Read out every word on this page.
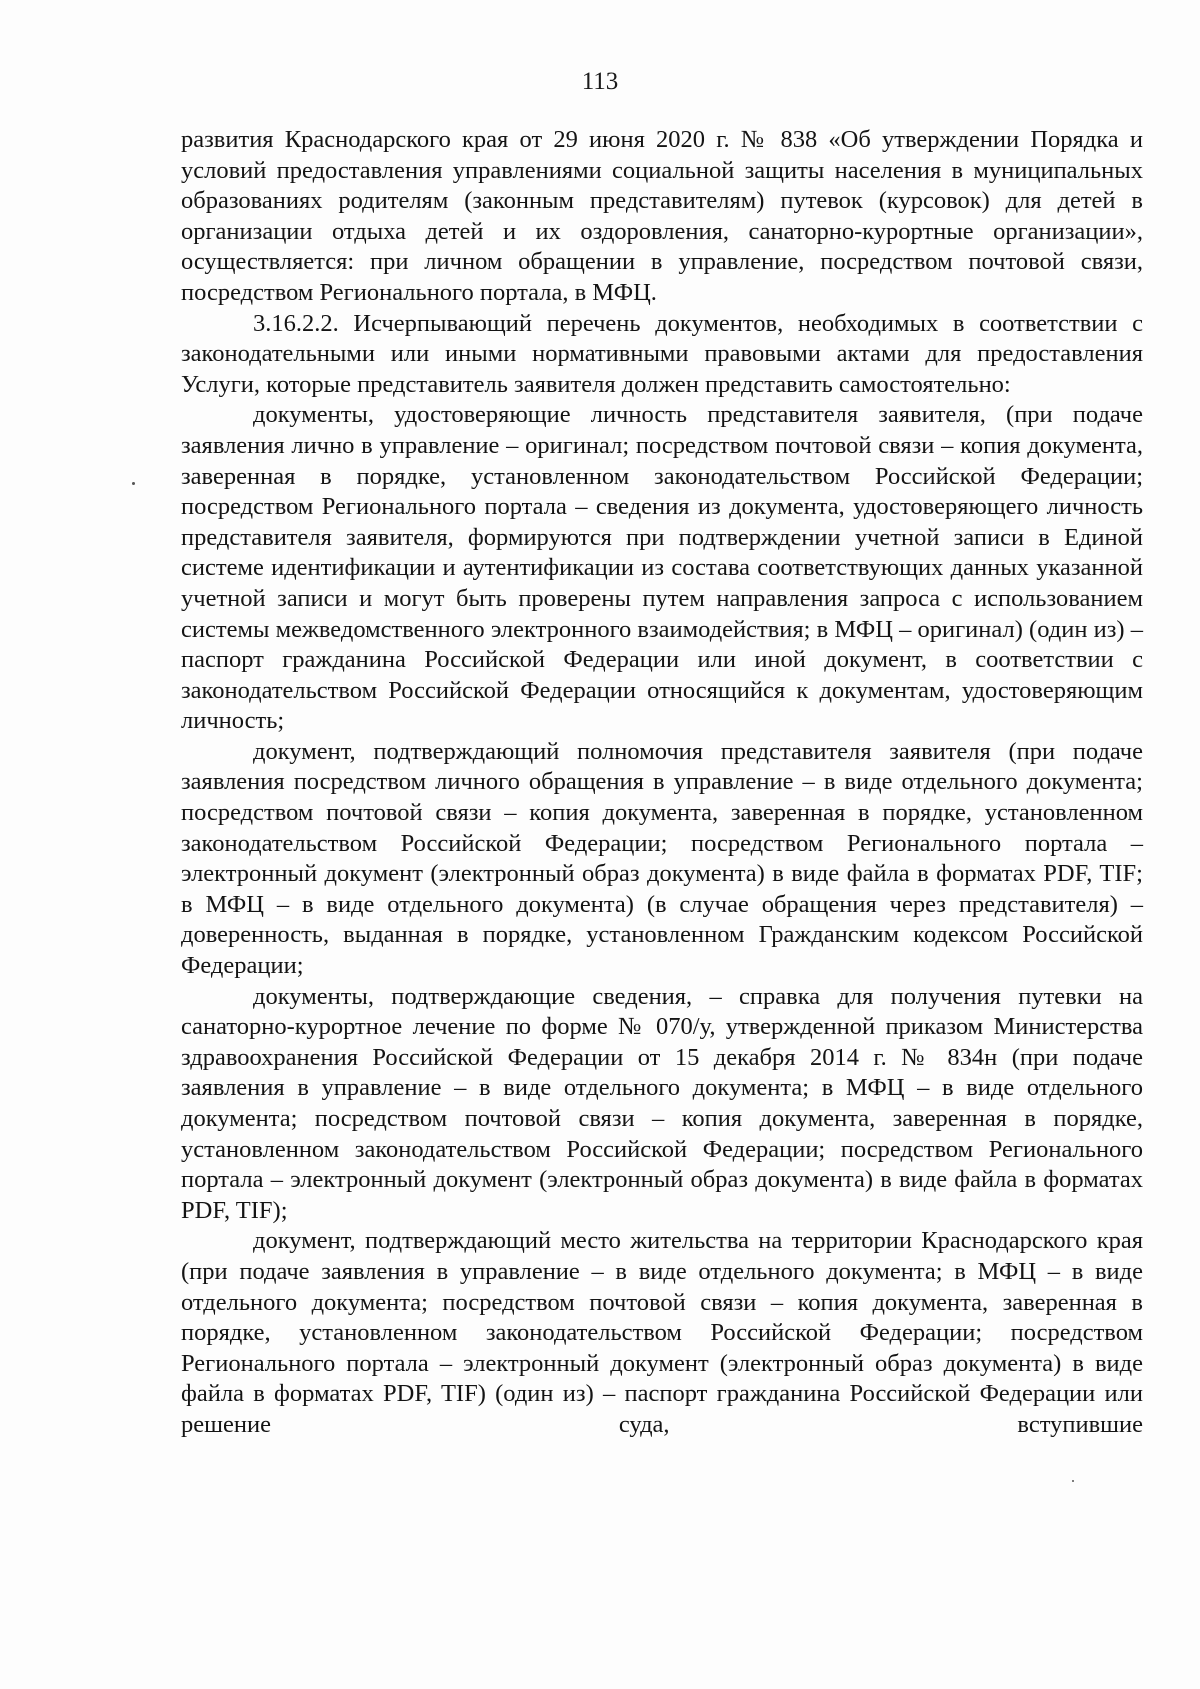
113

развития Краснодарского края от 29 июня 2020 г. № 838 «Об утверждении Порядка и условий предоставления управлениями социальной защиты населения в муниципальных образованиях родителям (законным представителям) путевок (курсовок) для детей в организации отдыха детей и их оздоровления, санаторно-курортные организации», осуществляется: при личном обращении в управление, посредством почтовой связи, посредством Регионального портала, в МФЦ.

3.16.2.2. Исчерпывающий перечень документов, необходимых в соответствии с законодательными или иными нормативными правовыми актами для предоставления Услуги, которые представитель заявителя должен представить самостоятельно:

документы, удостоверяющие личность представителя заявителя, (при подаче заявления лично в управление – оригинал; посредством почтовой связи – копия документа, заверенная в порядке, установленном законодательством Российской Федерации; посредством Регионального портала – сведения из документа, удостоверяющего личность представителя заявителя, формируются при подтверждении учетной записи в Единой системе идентификации и аутентификации из состава соответствующих данных указанной учетной записи и могут быть проверены путем направления запроса с использованием системы межведомственного электронного взаимодействия; в МФЦ – оригинал) (один из) – паспорт гражданина Российской Федерации или иной документ, в соответствии с законодательством Российской Федерации относящийся к документам, удостоверяющим личность;

документ, подтверждающий полномочия представителя заявителя (при подаче заявления посредством личного обращения в управление – в виде отдельного документа; посредством почтовой связи – копия документа, заверенная в порядке, установленном законодательством Российской Федерации; посредством Регионального портала – электронный документ (электронный образ документа) в виде файла в форматах PDF, TIF; в МФЦ – в виде отдельного документа) (в случае обращения через представителя) – доверенность, выданная в порядке, установленном Гражданским кодексом Российской Федерации;

документы, подтверждающие сведения, – справка для получения путевки на санаторно-курортное лечение по форме № 070/у, утвержденной приказом Министерства здравоохранения Российской Федерации от 15 декабря 2014 г. № 834н (при подаче заявления в управление – в виде отдельного документа; в МФЦ – в виде отдельного документа; посредством почтовой связи – копия документа, заверенная в порядке, установленном законодательством Российской Федерации; посредством Регионального портала – электронный документ (электронный образ документа) в виде файла в форматах PDF, TIF);

документ, подтверждающий место жительства на территории Краснодарского края (при подаче заявления в управление – в виде отдельного документа; в МФЦ – в виде отдельного документа; посредством почтовой связи – копия документа, заверенная в порядке, установленном законодательством Российской Федерации; посредством Регионального портала – электронный документ (электронный образ документа) в виде файла в форматах PDF, TIF) (один из) – паспорт гражданина Российской Федерации или решение суда, вступившие
